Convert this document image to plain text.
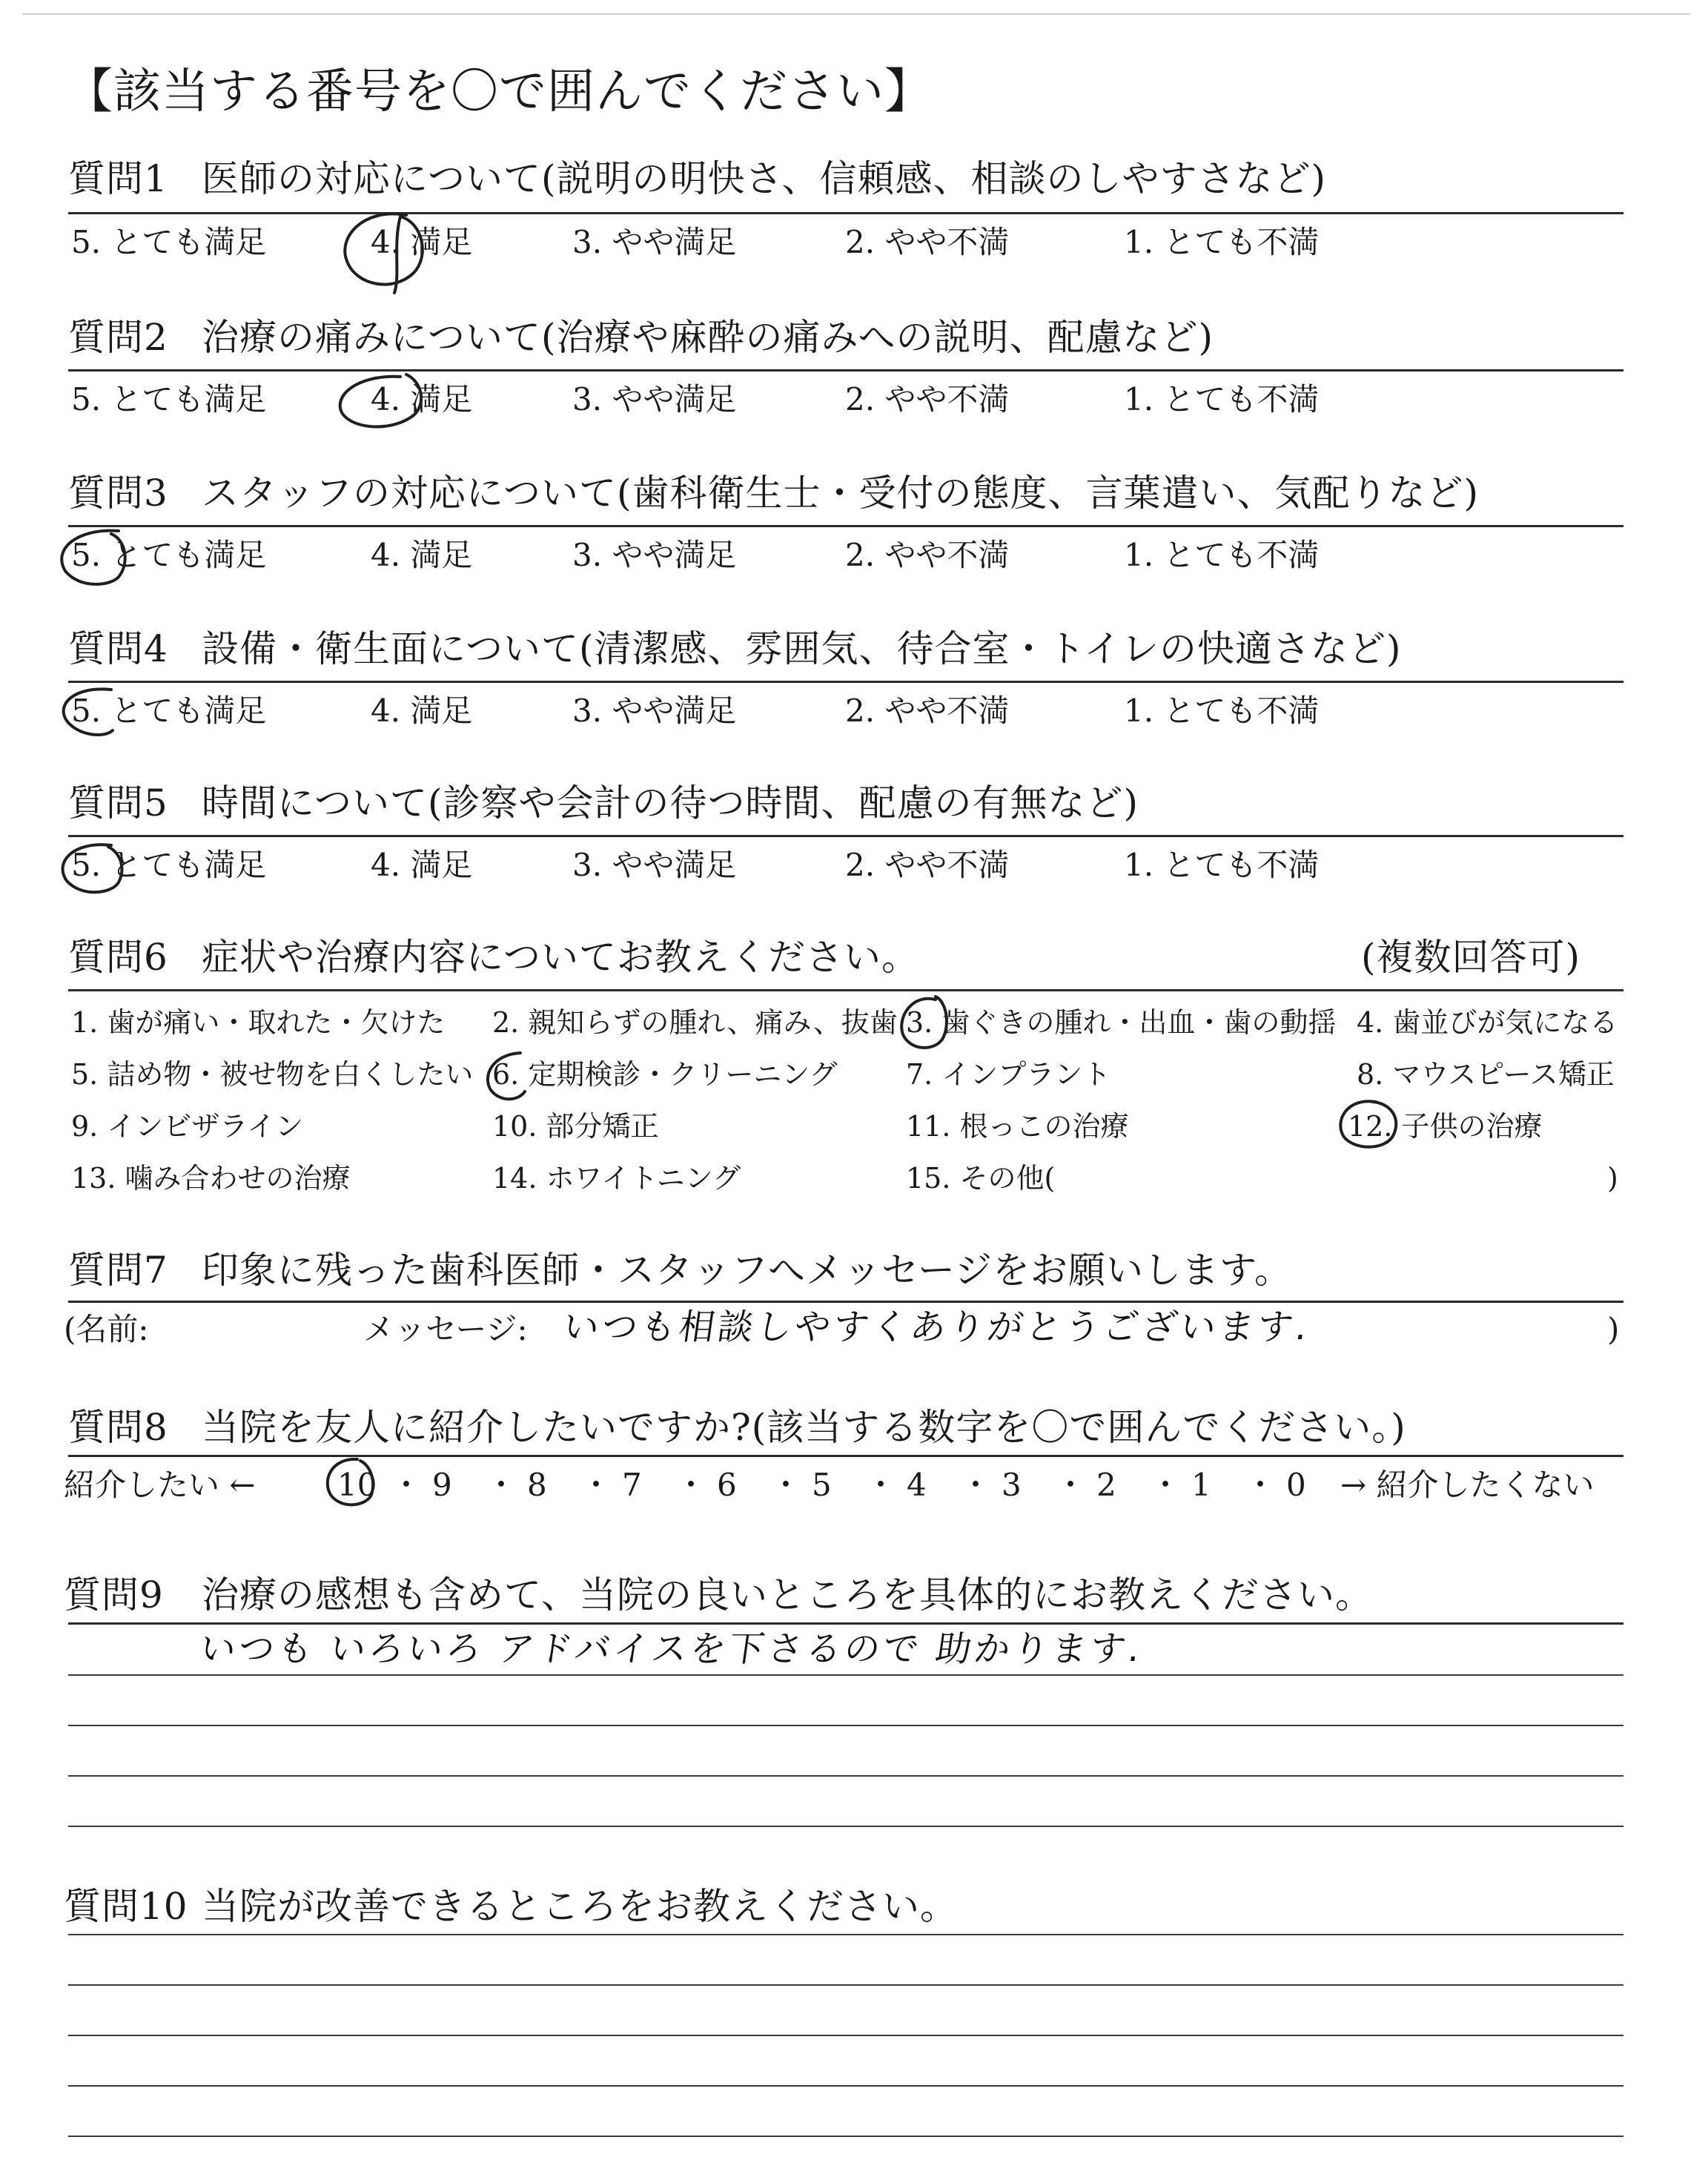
【該当する番号を〇で囲んでください】
質問1 医師の対応について(説明の明快さ、信頼感、相談のしやすさなど)
5. とても満足	4. 満足	3. やや満足	2. やや不満	1. とても不満
質問2 治療の痛みについて(治療や麻酔の痛みへの説明、配慮など)
5. とても満足	4. 満足	3. やや満足	2. やや不満	1. とても不満
質問3 スタッフの対応について(歯科衛生士・受付の態度、言葉遣い、気配りなど)
5. とても満足	4. 満足	3. やや満足	2. やや不満	1. とても不満
質問4 設備・衛生面について(清潔感、雰囲気、待合室・トイレの快適さなど)
5. とても満足	4. 満足	3. やや満足	2. やや不満	1. とても不満
質問5 時間について(診察や会計の待つ時間、配慮の有無など)
5. とても満足	4. 満足	3. やや満足	2. やや不満	1. とても不満
質問6 症状や治療内容についてお教えください。	(複数回答可)
1. 歯が痛い・取れた・欠けた 2. 親知らずの腫れ、痛み、抜歯 3. 歯ぐきの腫れ・出血・歯の動揺 4. 歯並びが気になる
5. 詰め物・被せ物を白くしたい 6. 定期検診・クリーニング 7. インプラント	8. マウスピース矯正
9. インビザライン	10. 部分矯正	11. 根っこの治療	12. 子供の治療
13. 噛み合わせの治療	14. ホワイトニング	15. その他(	)
質問7 印象に残った歯科医師・スタッフへメッセージをお願いします。
(名前:	メッセージ: いつも相談しやすくありがとうございます.	)
質問8 当院を友人に紹介したいですか?(該当する数字を〇で囲んでください。)
紹介したい ←	10 ・ 9 ・ 8 ・ 7 ・ 6 ・ 5 ・ 4 ・ 3 ・ 2 ・ 1 ・ 0 → 紹介したくない
質問9 治療の感想も含めて、当院の良いところを具体的にお教えください。
いつも いろいろ アドバイスを下さるので 助かります.
質問10 当院が改善できるところをお教えください。
